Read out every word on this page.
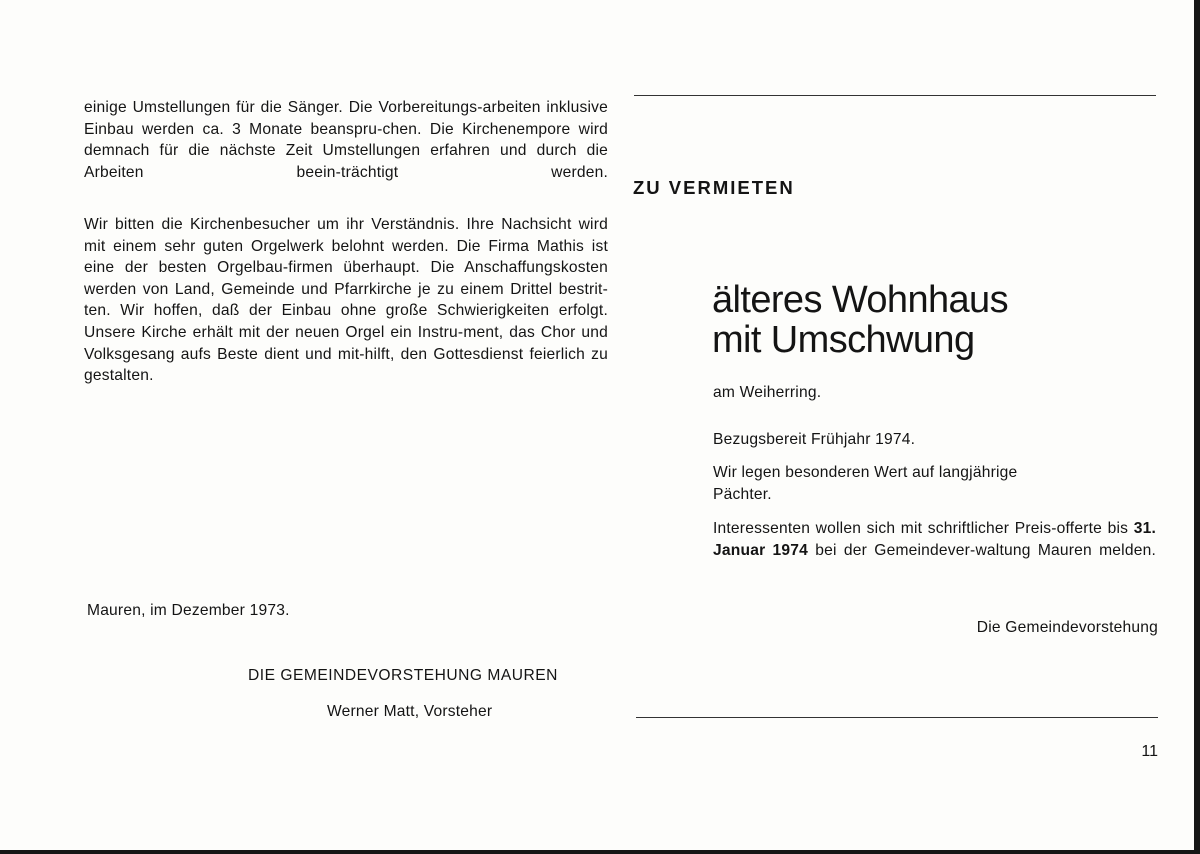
einige Umstellungen für die Sänger. Die Vorbereitungs-arbeiten inklusive Einbau werden ca. 3 Monate beanspru-chen. Die Kirchenempore wird demnach für die nächste Zeit Umstellungen erfahren und durch die Arbeiten beein-trächtigt werden.

Wir bitten die Kirchenbesucher um ihr Verständnis. Ihre Nachsicht wird mit einem sehr guten Orgelwerk belohnt werden. Die Firma Mathis ist eine der besten Orgelbau-firmen überhaupt. Die Anschaffungskosten werden von Land, Gemeinde und Pfarrkirche je zu einem Drittel bestrit-ten. Wir hoffen, daß der Einbau ohne große Schwierigkeiten erfolgt. Unsere Kirche erhält mit der neuen Orgel ein Instru-ment, das Chor und Volksgesang aufs Beste dient und mit-hilft, den Gottesdienst feierlich zu gestalten.

Mauren, im Dezember 1973.
DIE GEMEINDEVORSTEHUNG MAUREN
Werner Matt, Vorsteher
ZU VERMIETEN
älteres Wohnhaus
mit Umschwung
am Weiherring.
Bezugsbereit Frühjahr 1974.
Wir legen besonderen Wert auf langjährige Pächter.
Interessenten wollen sich mit schriftlicher Preis-offerte bis 31. Januar 1974 bei der Gemeindever-waltung Mauren melden.
Die Gemeindevorstehung
11
